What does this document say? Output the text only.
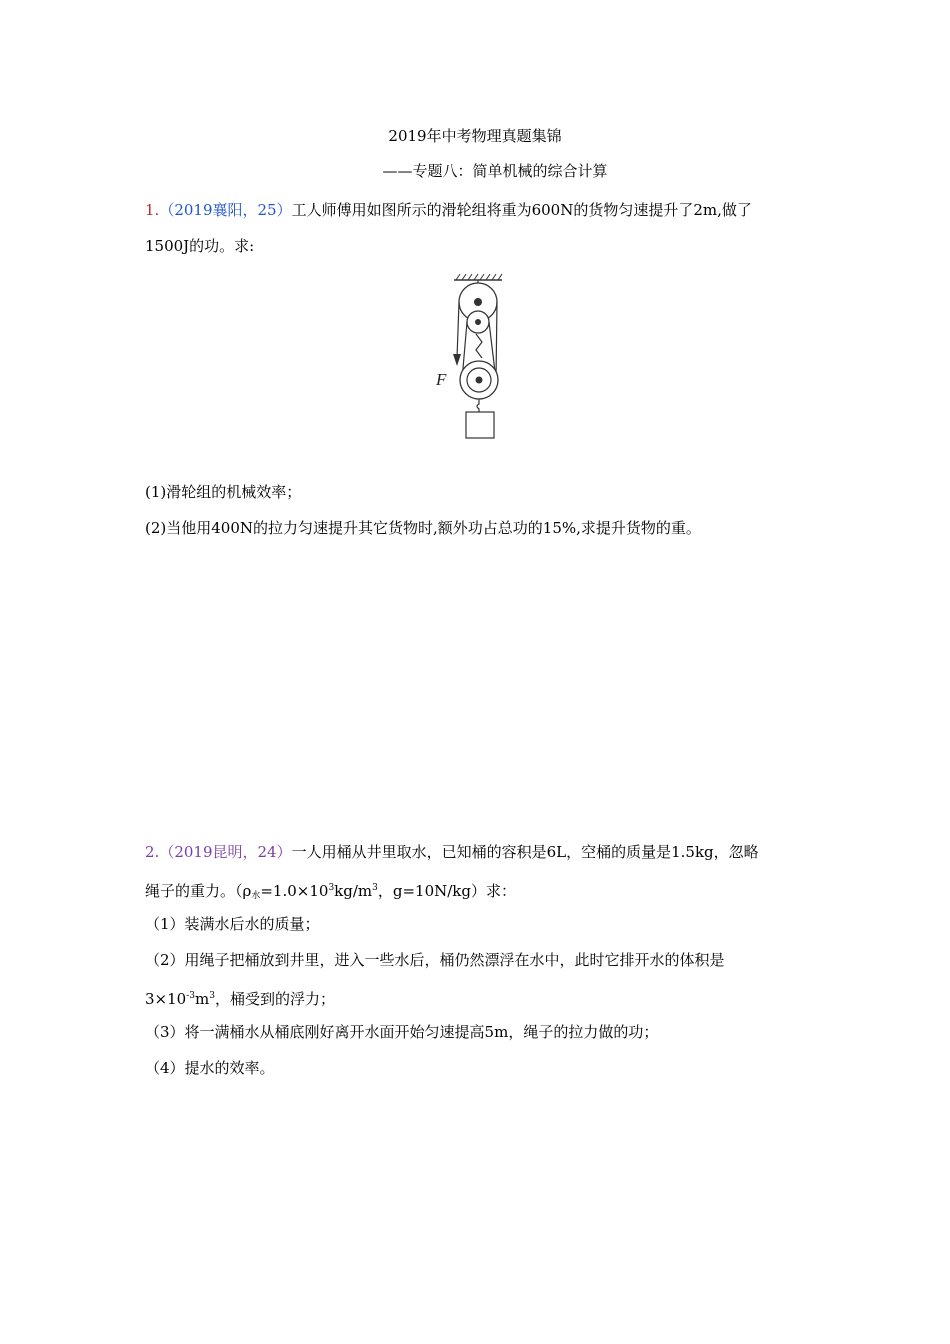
2019年中考物理真题集锦
——专题八：简单机械的综合计算
1.（2019襄阳，25）工人师傅用如图所示的滑轮组将重为600N的货物匀速提升了2m,做了
1500J的功。求:
F
(1)滑轮组的机械效率；
(2)当他用400N的拉力匀速提升其它货物时,额外功占总功的15%,求提升货物的重。
2.（2019昆明，24）一人用桶从井里取水，已知桶的容积是6L，空桶的质量是1.5kg，忽略
绳子的重力。（$\rho_水=1.0\times 10^3kg/m^3$，g=10N/kg）求：
（1）装满水后水的质量；
（2）用绳子把桶放到井里，进入一些水后，桶仍然漂浮在水中，此时它排开水的体积是
$3\times 10^{-3}m^3$，桶受到的浮力；
（3）将一满桶水从桶底刚好离开水面开始匀速提高5m，绳子的拉力做的功；
（4）提水的效率。
